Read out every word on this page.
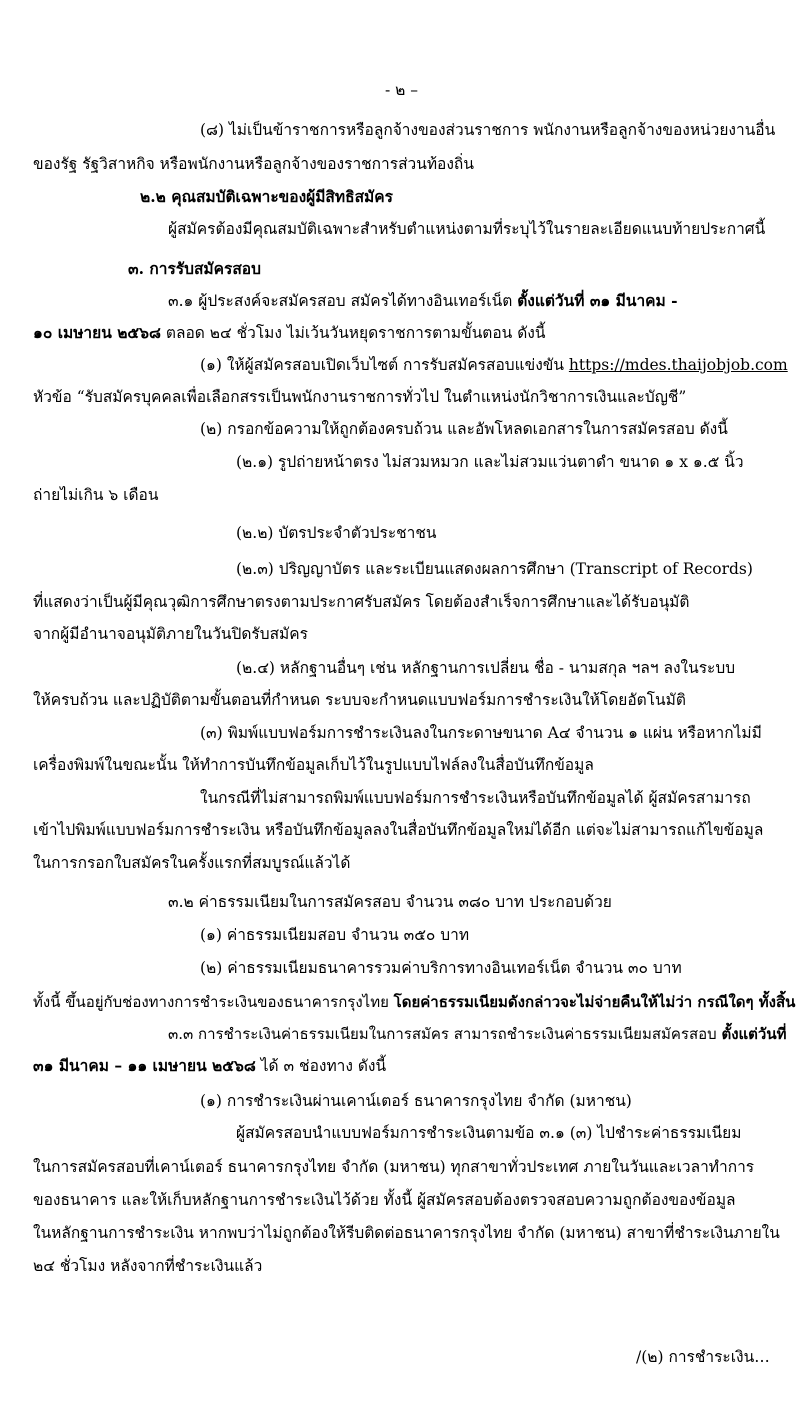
- ๒ –
(๘) ไม่เป็นข้าราชการหรือลูกจ้างของส่วนราชการ พนักงานหรือลูกจ้างของหน่วยงานอื่น
ของรัฐ รัฐวิสาหกิจ หรือพนักงานหรือลูกจ้างของราชการส่วนท้องถิ่น
๒.๒ คุณสมบัติเฉพาะของผู้มีสิทธิสมัคร
ผู้สมัครต้องมีคุณสมบัติเฉพาะสำหรับตำแหน่งตามที่ระบุไว้ในรายละเอียดแนบท้ายประกาศนี้
๓. การรับสมัครสอบ
๓.๑ ผู้ประสงค์จะสมัครสอบ สมัครได้ทางอินเทอร์เน็ต ตั้งแต่วันที่ ๓๑ มีนาคม -
๑๐ เมษายน ๒๕๖๘ ตลอด ๒๔ ชั่วโมง ไม่เว้นวันหยุดราชการตามขั้นตอน ดังนี้
(๑) ให้ผู้สมัครสอบเปิดเว็บไซต์ การรับสมัครสอบแข่งขัน https://mdes.thaijobjob.com
หัวข้อ “รับสมัครบุคคลเพื่อเลือกสรรเป็นพนักงานราชการทั่วไป ในตำแหน่งนักวิชาการเงินและบัญชี”
(๒) กรอกข้อความให้ถูกต้องครบถ้วน และอัพโหลดเอกสารในการสมัครสอบ ดังนี้
(๒.๑) รูปถ่ายหน้าตรง ไม่สวมหมวก และไม่สวมแว่นตาดำ ขนาด ๑ x ๑.๕ นิ้ว
ถ่ายไม่เกิน ๖ เดือน
(๒.๒) บัตรประจำตัวประชาชน
(๒.๓) ปริญญาบัตร และระเบียนแสดงผลการศึกษา (Transcript of Records)
ที่แสดงว่าเป็นผู้มีคุณวุฒิการศึกษาตรงตามประกาศรับสมัคร โดยต้องสำเร็จการศึกษาและได้รับอนุมัติ
จากผู้มีอำนาจอนุมัติภายในวันปิดรับสมัคร
(๒.๔) หลักฐานอื่นๆ เช่น หลักฐานการเปลี่ยน ชื่อ - นามสกุล ฯลฯ ลงในระบบ
ให้ครบถ้วน และปฏิบัติตามขั้นตอนที่กำหนด ระบบจะกำหนดแบบฟอร์มการชำระเงินให้โดยอัตโนมัติ
(๓) พิมพ์แบบฟอร์มการชำระเงินลงในกระดาษขนาด A๔ จำนวน ๑ แผ่น หรือหากไม่มี
เครื่องพิมพ์ในขณะนั้น ให้ทำการบันทึกข้อมูลเก็บไว้ในรูปแบบไฟล์ลงในสื่อบันทึกข้อมูล
ในกรณีที่ไม่สามารถพิมพ์แบบฟอร์มการชำระเงินหรือบันทึกข้อมูลได้ ผู้สมัครสามารถ
เข้าไปพิมพ์แบบฟอร์มการชำระเงิน หรือบันทึกข้อมูลลงในสื่อบันทึกข้อมูลใหม่ได้อีก แต่จะไม่สามารถแก้ไขข้อมูล
ในการกรอกใบสมัครในครั้งแรกที่สมบูรณ์แล้วได้
๓.๒ ค่าธรรมเนียมในการสมัครสอบ จำนวน ๓๘๐ บาท ประกอบด้วย
(๑) ค่าธรรมเนียมสอบ จำนวน ๓๕๐ บาท
(๒) ค่าธรรมเนียมธนาคารรวมค่าบริการทางอินเทอร์เน็ต จำนวน ๓๐ บาท
ทั้งนี้ ขึ้นอยู่กับช่องทางการชำระเงินของธนาคารกรุงไทย โดยค่าธรรมเนียมดังกล่าวจะไม่จ่ายคืนให้ไม่ว่า กรณีใดๆ ทั้งสิ้น
๓.๓ การชำระเงินค่าธรรมเนียมในการสมัคร สามารถชำระเงินค่าธรรมเนียมสมัครสอบ ตั้งแต่วันที่
๓๑ มีนาคม – ๑๑ เมษายน ๒๕๖๘ ได้ ๓ ช่องทาง ดังนี้
(๑) การชำระเงินผ่านเคาน์เตอร์ ธนาคารกรุงไทย จำกัด (มหาชน)
ผู้สมัครสอบนำแบบฟอร์มการชำระเงินตามข้อ ๓.๑ (๓) ไปชำระค่าธรรมเนียม
ในการสมัครสอบที่เคาน์เตอร์ ธนาคารกรุงไทย จำกัด (มหาชน) ทุกสาขาทั่วประเทศ ภายในวันและเวลาทำการ
ของธนาคาร และให้เก็บหลักฐานการชำระเงินไว้ด้วย ทั้งนี้ ผู้สมัครสอบต้องตรวจสอบความถูกต้องของข้อมูล
ในหลักฐานการชำระเงิน หากพบว่าไม่ถูกต้องให้รีบติดต่อธนาคารกรุงไทย จำกัด (มหาชน) สาขาที่ชำระเงินภายใน
๒๔ ชั่วโมง หลังจากที่ชำระเงินแล้ว
/(๒) การชำระเงิน…
